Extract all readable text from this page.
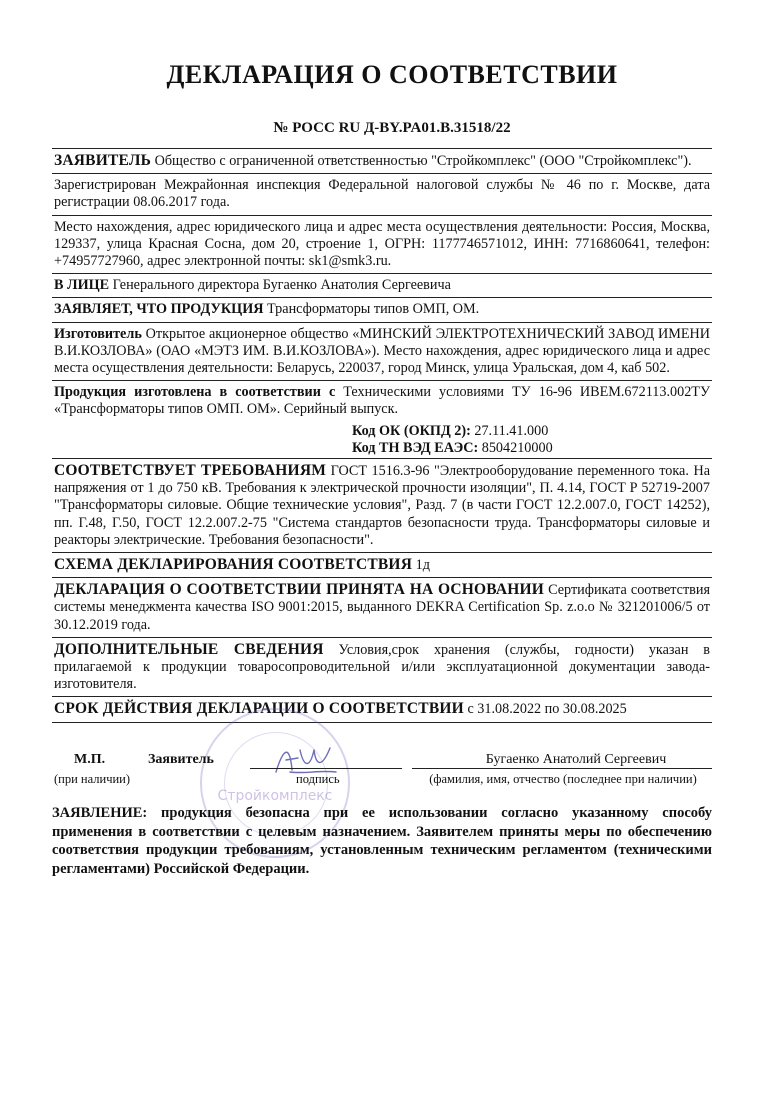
ДЕКЛАРАЦИЯ О СООТВЕТСТВИИ
№ РОСС RU Д-BY.PA01.B.31518/22
ЗАЯВИТЕЛЬ Общество с ограниченной ответственностью "Стройкомплекс" (ООО "Стройкомплекс").
Зарегистрирован Межрайонная инспекция Федеральной налоговой службы № 46 по г. Москве, дата регистрации 08.06.2017 года.
Место нахождения, адрес юридического лица и адрес места осуществления деятельности: Россия, Москва, 129337, улица Красная Сосна, дом 20, строение 1, ОГРН: 1177746571012, ИНН: 7716860641, телефон: +74957727960, адрес электронной почты: sk1@smk3.ru.
В ЛИЦЕ Генерального директора Бугаенко Анатолия Сергеевича
ЗАЯВЛЯЕТ, ЧТО ПРОДУКЦИЯ Трансформаторы типов ОМП, ОМ.
Изготовитель Открытое акционерное общество «МИНСКИЙ ЭЛЕКТРОТЕХНИЧЕСКИЙ ЗАВОД ИМЕНИ В.И.КОЗЛОВА» (ОАО «МЭТЗ ИМ. В.И.КОЗЛОВА»). Место нахождения, адрес юридического лица и адрес места осуществления деятельности: Беларусь, 220037, город Минск, улица Уральская, дом 4, каб 502.
Продукция изготовлена в соответствии с Техническими условиями ТУ 16-96 ИВЕМ.672113.002ТУ «Трансформаторы типов ОМП. ОМ». Серийный выпуск.
Код ОК (ОКПД 2): 27.11.41.000
Код ТН ВЭД ЕАЭС: 8504210000
СООТВЕТСТВУЕТ ТРЕБОВАНИЯМ ГОСТ 1516.3-96 "Электрооборудование переменного тока. На напряжения от 1 до 750 кВ. Требования к электрической прочности изоляции", П. 4.14, ГОСТ Р 52719-2007 "Трансформаторы силовые. Общие технические условия", Разд. 7 (в части ГОСТ 12.2.007.0, ГОСТ 14252), пп. Г.48, Г.50, ГОСТ 12.2.007.2-75 "Система стандартов безопасности труда. Трансформаторы силовые и реакторы электрические. Требования безопасности".
СХЕМА ДЕКЛАРИРОВАНИЯ СООТВЕТСТВИЯ 1д
ДЕКЛАРАЦИЯ О СООТВЕТСТВИИ ПРИНЯТА НА ОСНОВАНИИ Сертификата соответствия системы менеджмента качества ISO 9001:2015, выданного DEKRA Certification Sp. z.o.o № 321201006/5 от 30.12.2019 года.
ДОПОЛНИТЕЛЬНЫЕ СВЕДЕНИЯ Условия,срок хранения (службы, годности) указан в прилагаемой к продукции товаросопроводительной и/или эксплуатационной документации завода-изготовителя.
СРОК ДЕЙСТВИЯ ДЕКЛАРАЦИИ О СООТВЕТСТВИИ с 31.08.2022 по 30.08.2025
Стройкомплекс
М.П.	Заявитель
(при наличии)	подпись
Бугаенко Анатолий Сергеевич
(фамилия, имя, отчество (последнее при наличии)
ЗАЯВЛЕНИЕ: продукция безопасна при ее использовании согласно указанному способу применения в соответствии с целевым назначением. Заявителем приняты меры по обеспечению соответствия продукции требованиям, установленным техническим регламентом (техническими регламентами) Российской Федерации.
